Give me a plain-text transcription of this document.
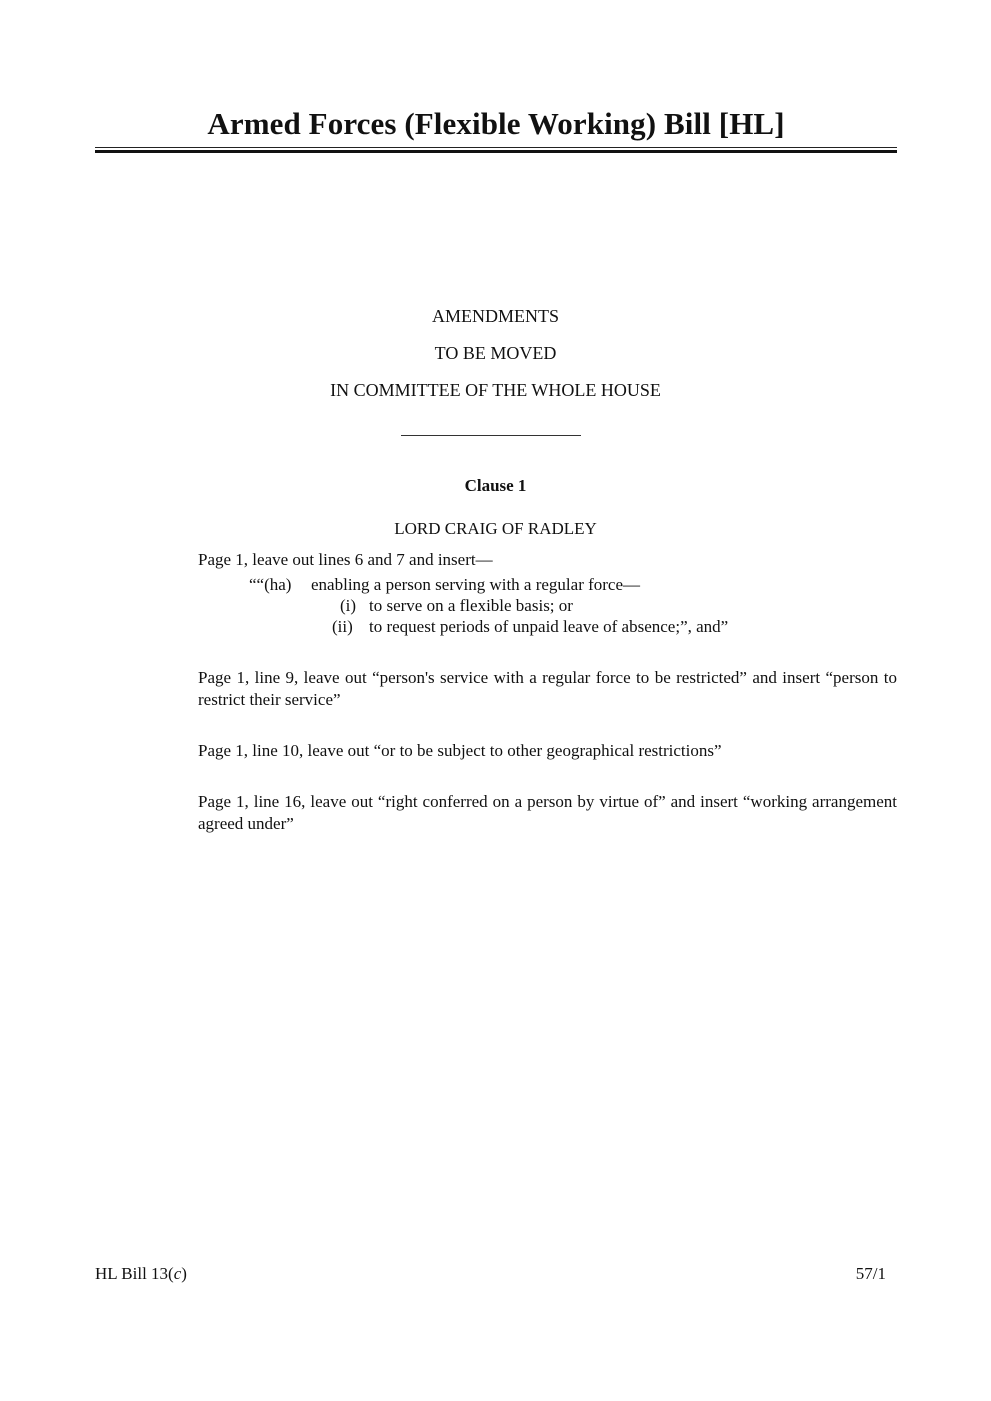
Armed Forces (Flexible Working) Bill [HL]
AMENDMENTS
TO BE MOVED
IN COMMITTEE OF THE WHOLE HOUSE
Clause 1
LORD CRAIG OF RADLEY
Page 1, leave out lines 6 and 7 and insert—
““(ha) enabling a person serving with a regular force—
(i) to serve on a flexible basis; or
(ii) to request periods of unpaid leave of absence;”, and”
Page 1, line 9, leave out “person's service with a regular force to be restricted” and insert “person to restrict their service”
Page 1, line 10, leave out “or to be subject to other geographical restrictions”
Page 1, line 16, leave out “right conferred on a person by virtue of” and insert “working arrangement agreed under”
HL Bill 13(c)	57/1
